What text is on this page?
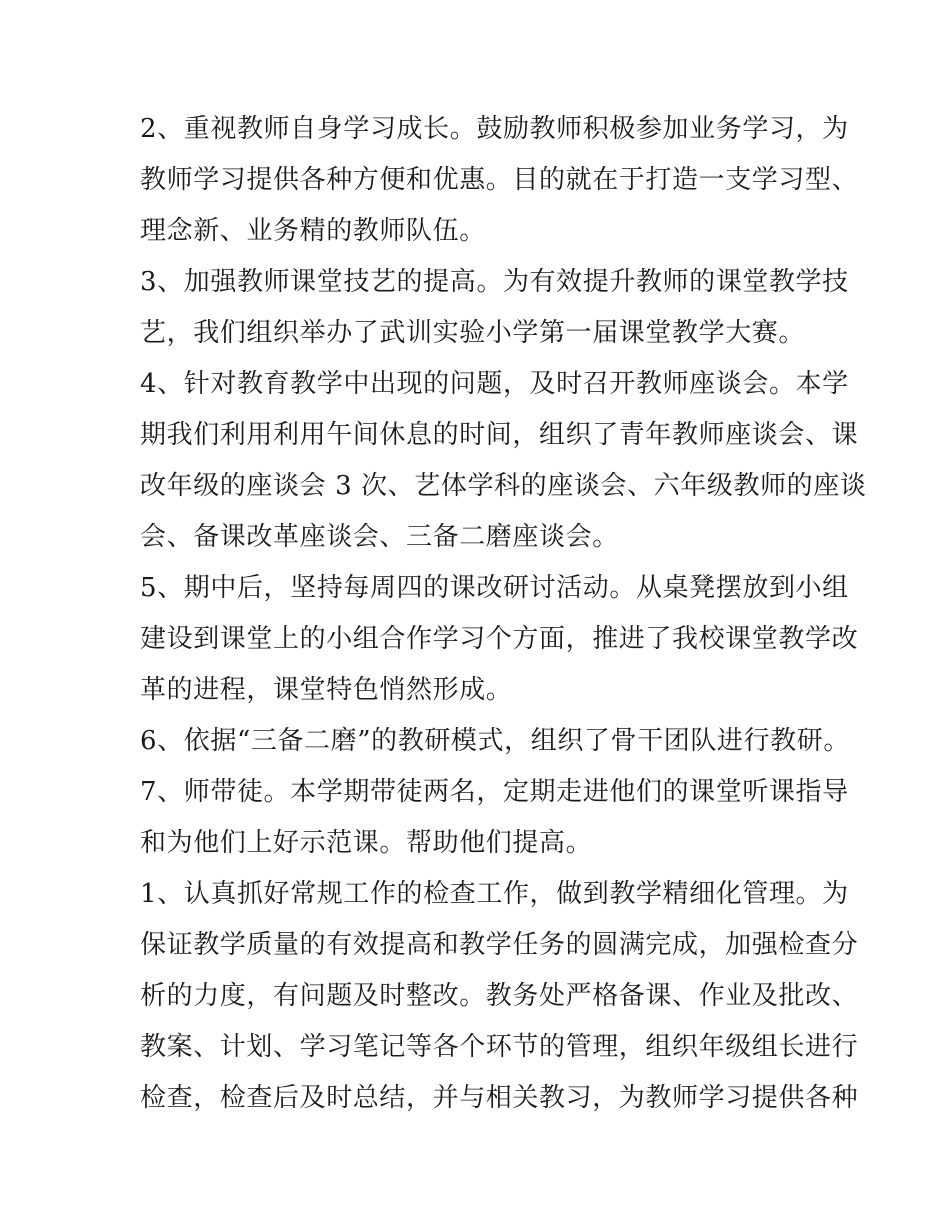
2、重视教师自身学习成长。鼓励教师积极参加业务学习，为
教师学习提供各种方便和优惠。目的就在于打造一支学习型、
理念新、业务精的教师队伍。
3、加强教师课堂技艺的提高。为有效提升教师的课堂教学技
艺，我们组织举办了武训实验小学第一届课堂教学大赛。
4、针对教育教学中出现的问题，及时召开教师座谈会。本学
期我们利用利用午间休息的时间，组织了青年教师座谈会、课
改年级的座谈会 3 次、艺体学科的座谈会、六年级教师的座谈
会、备课改革座谈会、三备二磨座谈会。
5、期中后，坚持每周四的课改研讨活动。从桌凳摆放到小组
建设到课堂上的小组合作学习个方面，推进了我校课堂教学改
革的进程，课堂特色悄然形成。
6、依据“三备二磨”的教研模式，组织了骨干团队进行教研。
7、师带徒。本学期带徒两名，定期走进他们的课堂听课指导
和为他们上好示范课。帮助他们提高。
1、认真抓好常规工作的检查工作，做到教学精细化管理。为
保证教学质量的有效提高和教学任务的圆满完成，加强检查分
析的力度，有问题及时整改。教务处严格备课、作业及批改、
教案、计划、学习笔记等各个环节的管理，组织年级组长进行
检查，检查后及时总结，并与相关教习，为教师学习提供各种
